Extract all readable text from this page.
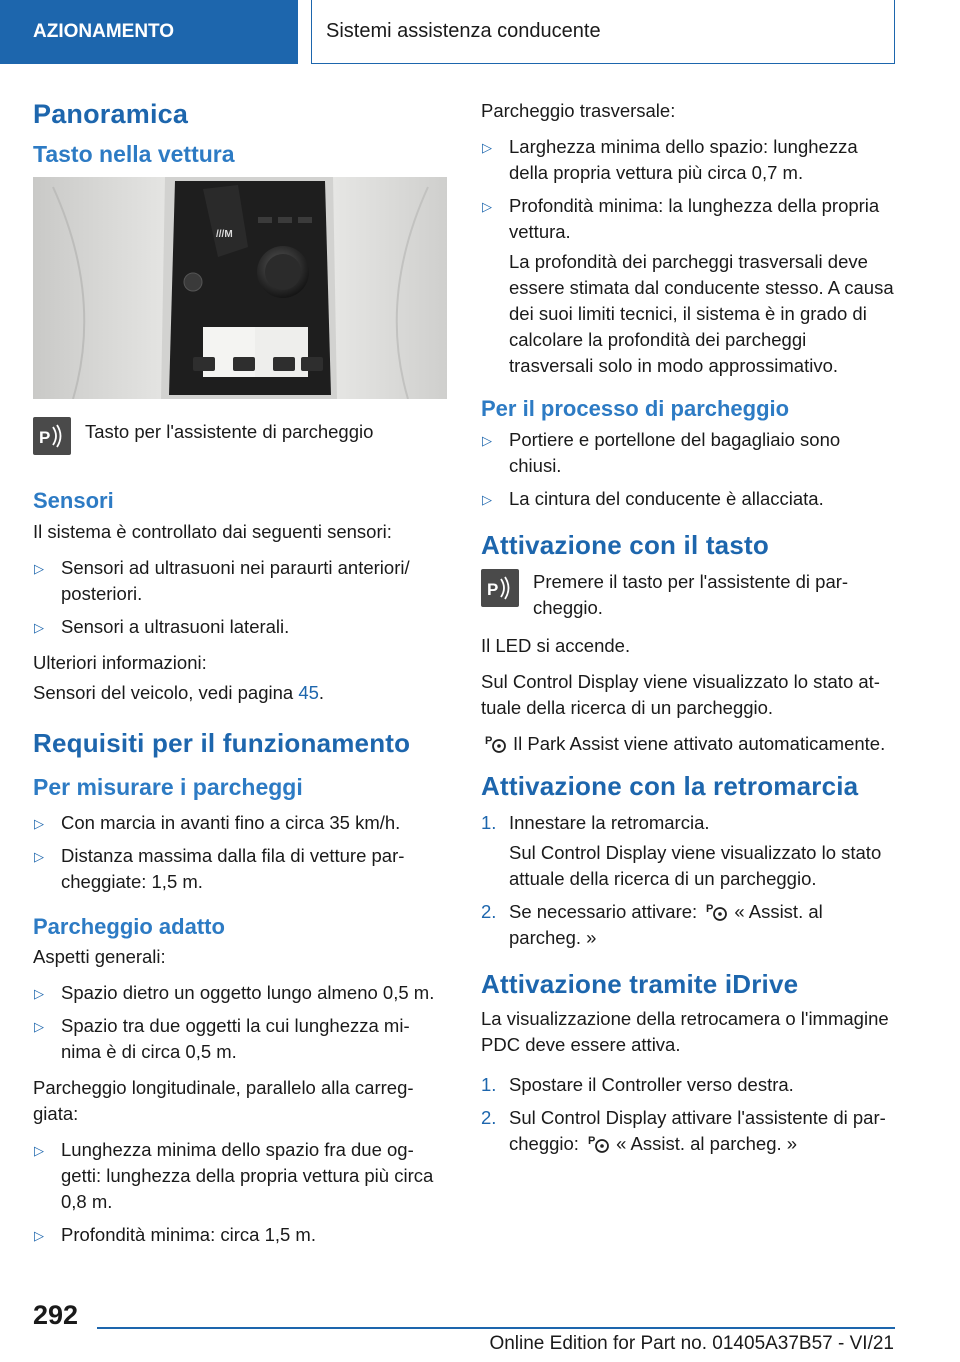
AZIONAMENTO	Sistemi assistenza conducente
Panoramica
Tasto nella vettura
///M
P Tasto per l'assistente di parcheggio

Sensori

Il sistema è controllato dai seguenti sensori:

▷ Sensori ad ultrasuoni nei paraurti anteriori/ posteriori.
▷ Sensori a ultrasuoni laterali.

Ulteriori informazioni:

Sensori del veicolo, vedi pagina 45.

Requisiti per il funzionamento
Per misurare i parcheggi
▷ Con marcia in avanti fino a circa 35 km/h.
▷ Distanza massima dalla fila di vetture par- cheggiate: 1,5 m.
Parcheggio adatto

Aspetti generali:

▷ Spazio dietro un oggetto lungo almeno 0,5 m.
▷ Spazio tra due oggetti la cui lunghezza mi- nima è di circa 0,5 m.

Parcheggio longitudinale, parallelo alla carreg- giata:

▷ Lunghezza minima dello spazio fra due og- getti: lunghezza della propria vettura più circa 0,8 m.
▷ Profondità minima: circa 1,5 m.

Parcheggio trasversale:

▷ Larghezza minima dello spazio: lunghezza della propria vettura più circa 0,7 m.
▷ Profondità minima: la lunghezza della propria vettura.
La profondità dei parcheggi trasversali deve essere stimata dal conducente stesso. A causa dei suoi limiti tecnici, il sistema è in grado di calcolare la profondità dei parcheggi trasversali solo in modo approssimativo.
Per il processo di parcheggio
▷ Portiere e portellone del bagagliaio sono chiusi.
▷ La cintura del conducente è allacciata.
Attivazione con il tasto
P Premere il tasto per l'assistente di par- cheggio.

Il LED si accende.

Sul Control Display viene visualizzato lo stato at- tuale della ricerca di un parcheggio.

P Il Park Assist viene attivato automaticamente.

Attivazione con la retromarcia
1. Innestare la retromarcia.
Sul Control Display viene visualizzato lo stato attuale della ricerca di un parcheggio.
2. Se necessario attivare: P « Assist. al parcheg. »
Attivazione tramite iDrive

La visualizzazione della retrocamera o l'immagine PDC deve essere attiva.

1. Spostare il Controller verso destra.
2. Sul Control Display attivare l'assistente di par- cheggio: P « Assist. al parcheg. »
292
Online Edition for Part no. 01405A37B57 - VI/21
